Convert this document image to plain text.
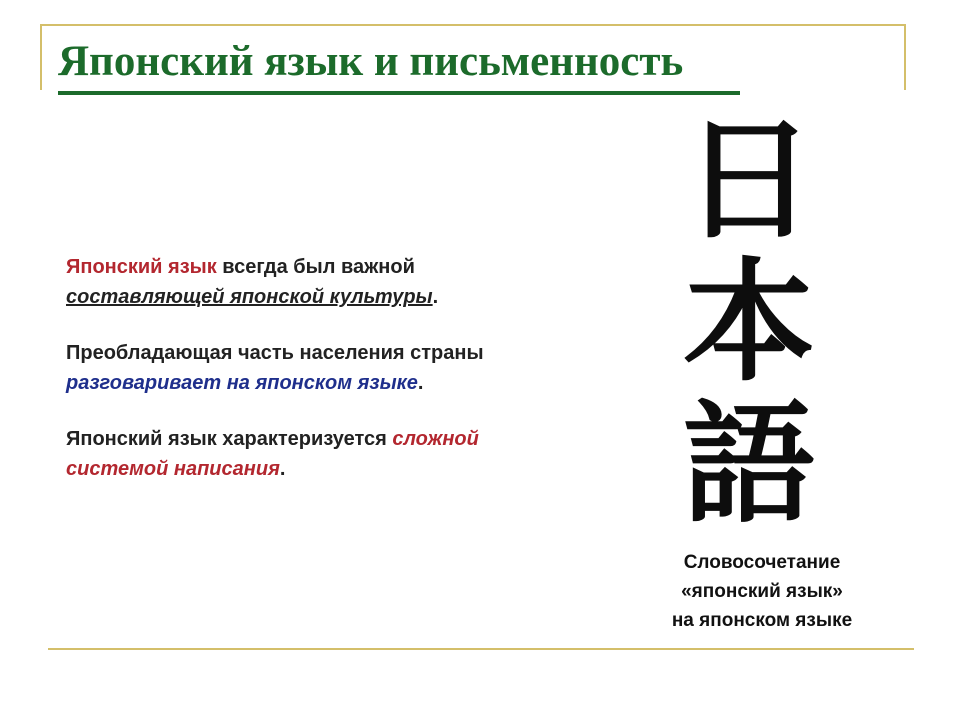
Японский язык и письменность
Японский язык всегда был важной
составляющей японской культуры.
Преобладающая часть населения страны
разговаривает на японском языке.
Японский язык характеризуется сложной
системой написания.
日
本
語
Словосочетание
«японский язык»
на японском языке
